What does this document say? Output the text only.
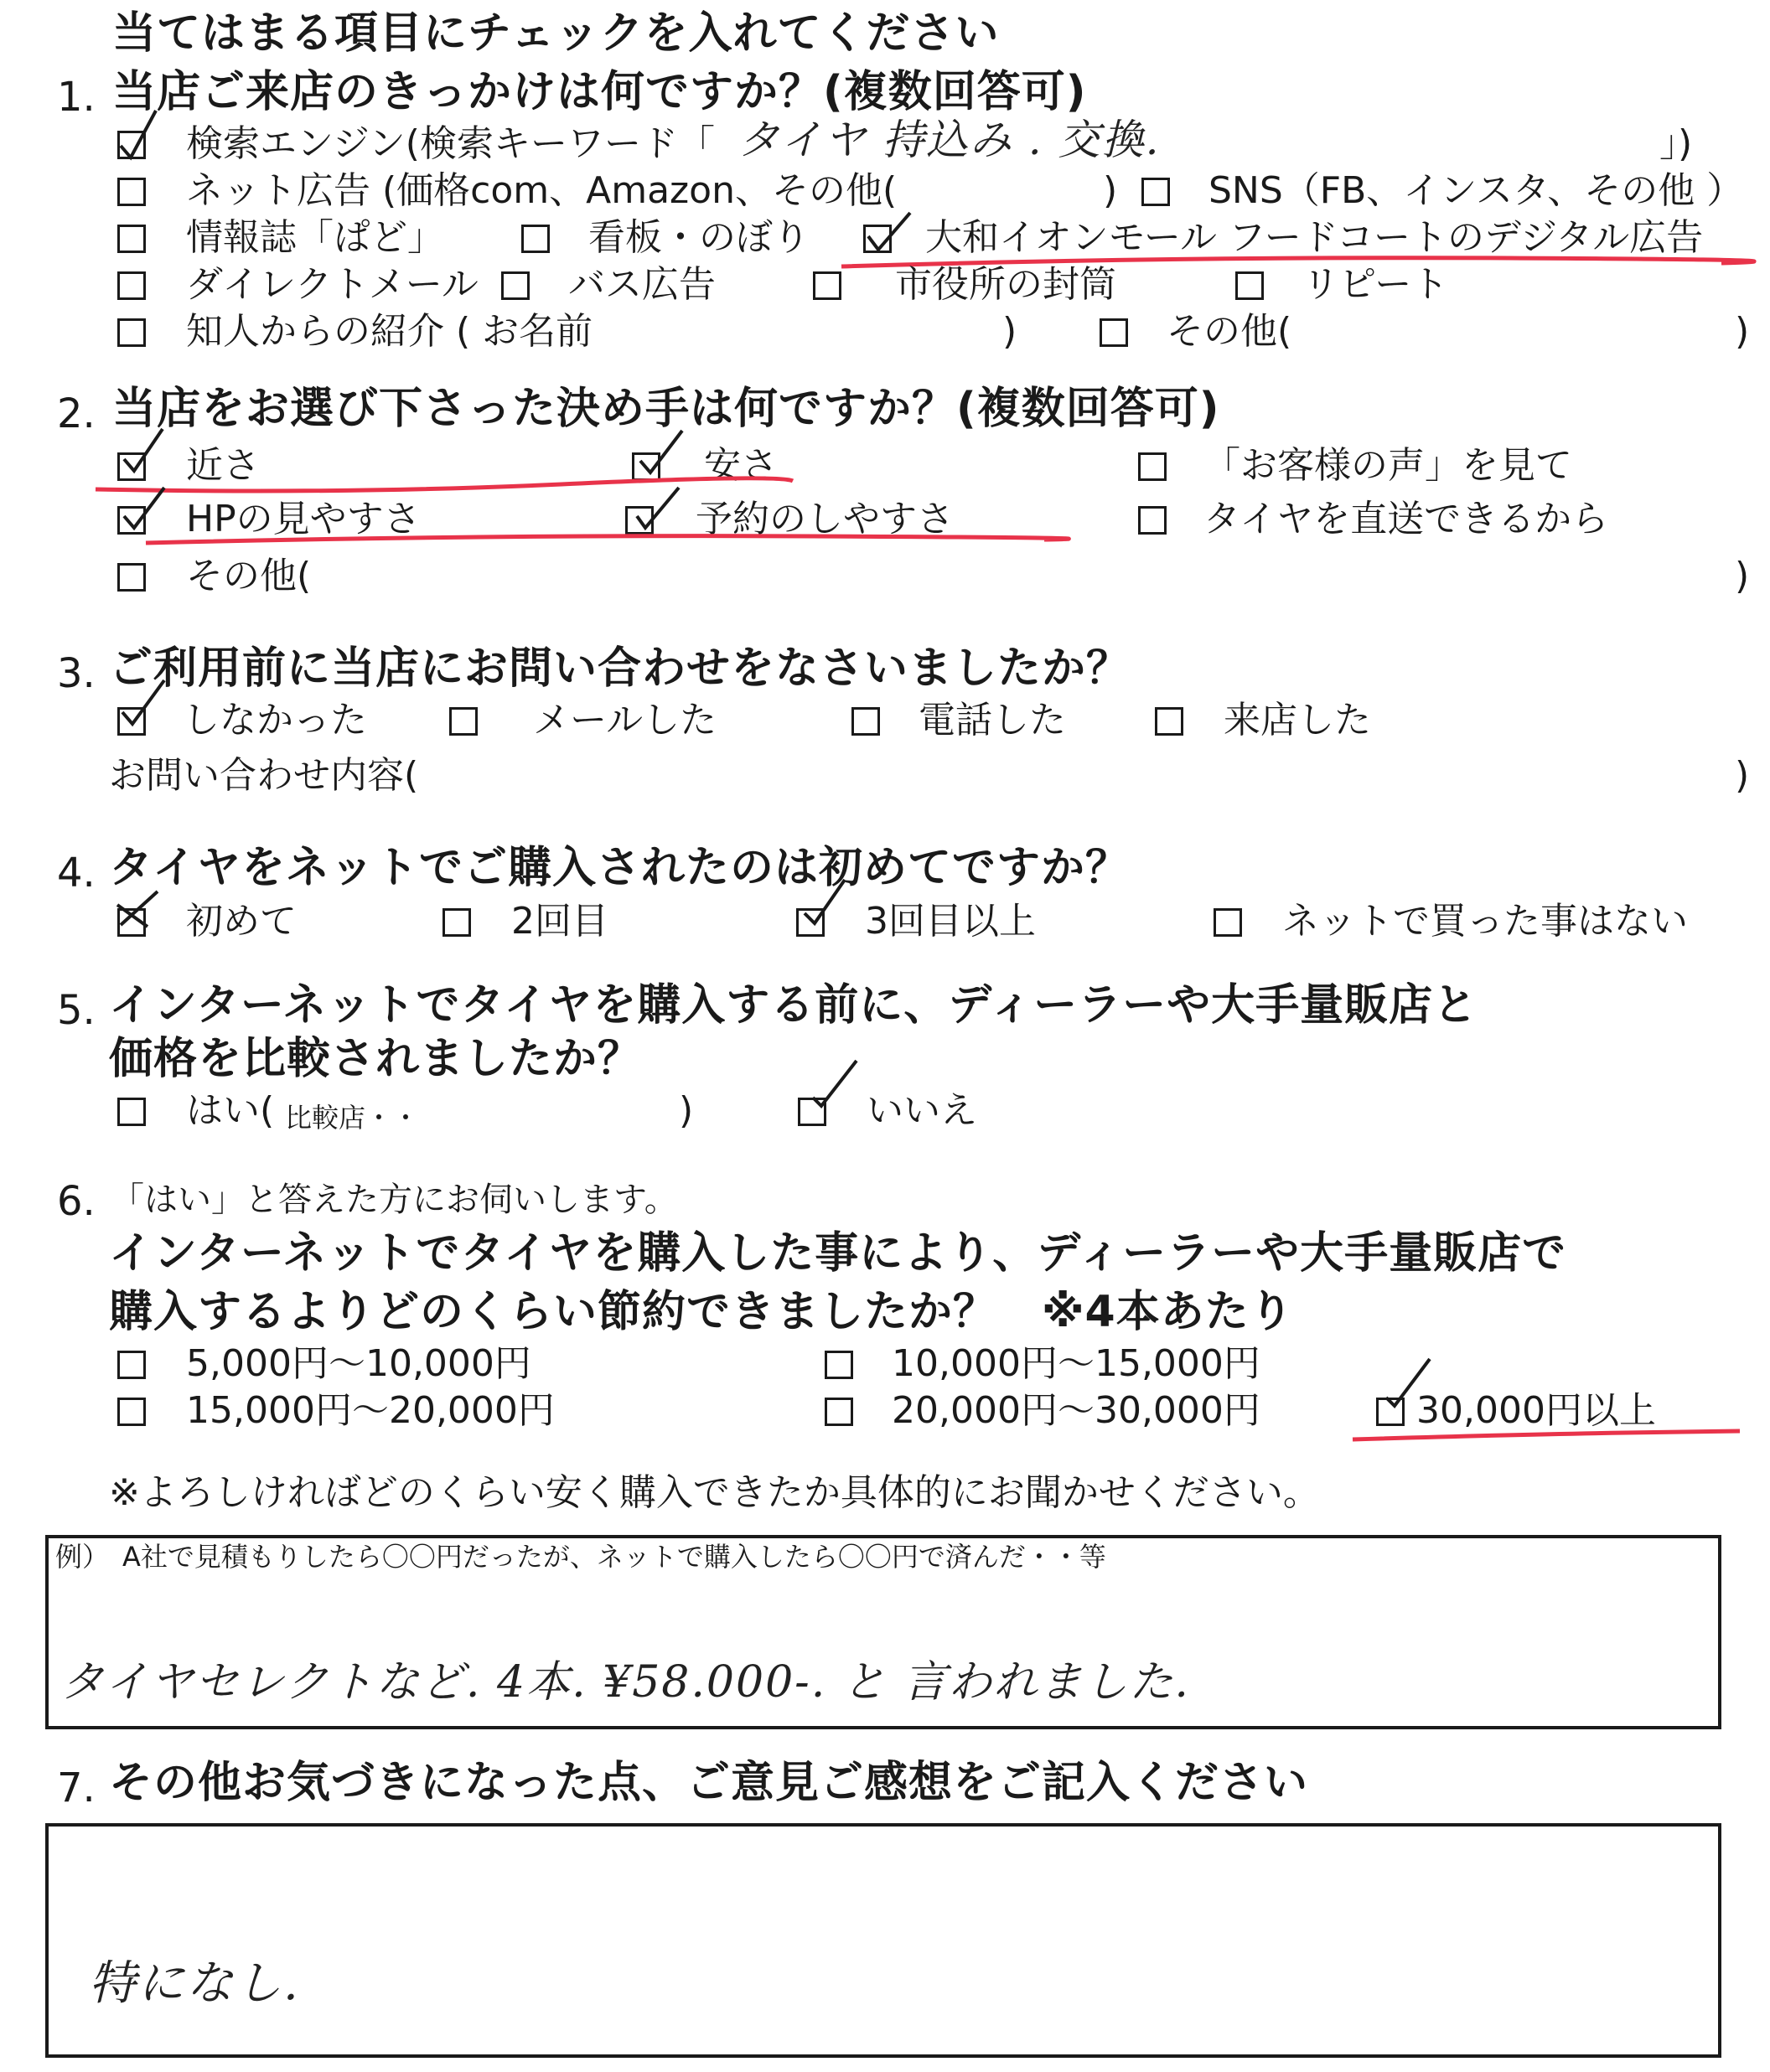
当てはまる項目にチェックを入れてください
1. 当店ご来店のきっかけは何ですか？(複数回答可)
検索エンジン(検索キーワード「 タイヤ 持込み . 交換.	」)
ネット広告 (価格com、Amazon、その他(	) SNS（FB、インスタ、その他 ）
情報誌「ぱど」	看板・のぼり	大和イオンモール フードコートのデジタル広告
ダイレクトメール バス広告	市役所の封筒	リピート
知人からの紹介 ( お名前	)	その他(	)
2. 当店をお選び下さった決め手は何ですか？(複数回答可)
近さ	安さ	「お客様の声」を見て
HPの見やすさ	予約のしやすさ	タイヤを直送できるから
その他(	)
3. ご利用前に当店にお問い合わせをなさいましたか？
しなかった	メールした	電話した	来店した
お問い合わせ内容(	)
4. タイヤをネットでご購入されたのは初めてですか？
初めて	2回目	3回目以上	ネットで買った事はない
5. インターネットでタイヤを購入する前に、ディーラーや大手量販店と
価格を比較されましたか？
はい( 比較店・・	)	いいえ
6. 「はい」と答えた方にお伺いします。
インターネットでタイヤを購入した事により、ディーラーや大手量販店で
購入するよりどのくらい節約できましたか？　※4本あたり
5,000円～10,000円	10,000円～15,000円
15,000円～20,000円	20,000円～30,000円	30,000円以上
※よろしければどのくらい安く購入できたか具体的にお聞かせください。
例）　A社で見積もりしたら〇〇円だったが、ネットで購入したら〇〇円で済んだ・・等
タイヤセレクトなど. 4本. ¥58.000-. と 言われました.
7. その他お気づきになった点、ご意見ご感想をご記入ください
特になし.
